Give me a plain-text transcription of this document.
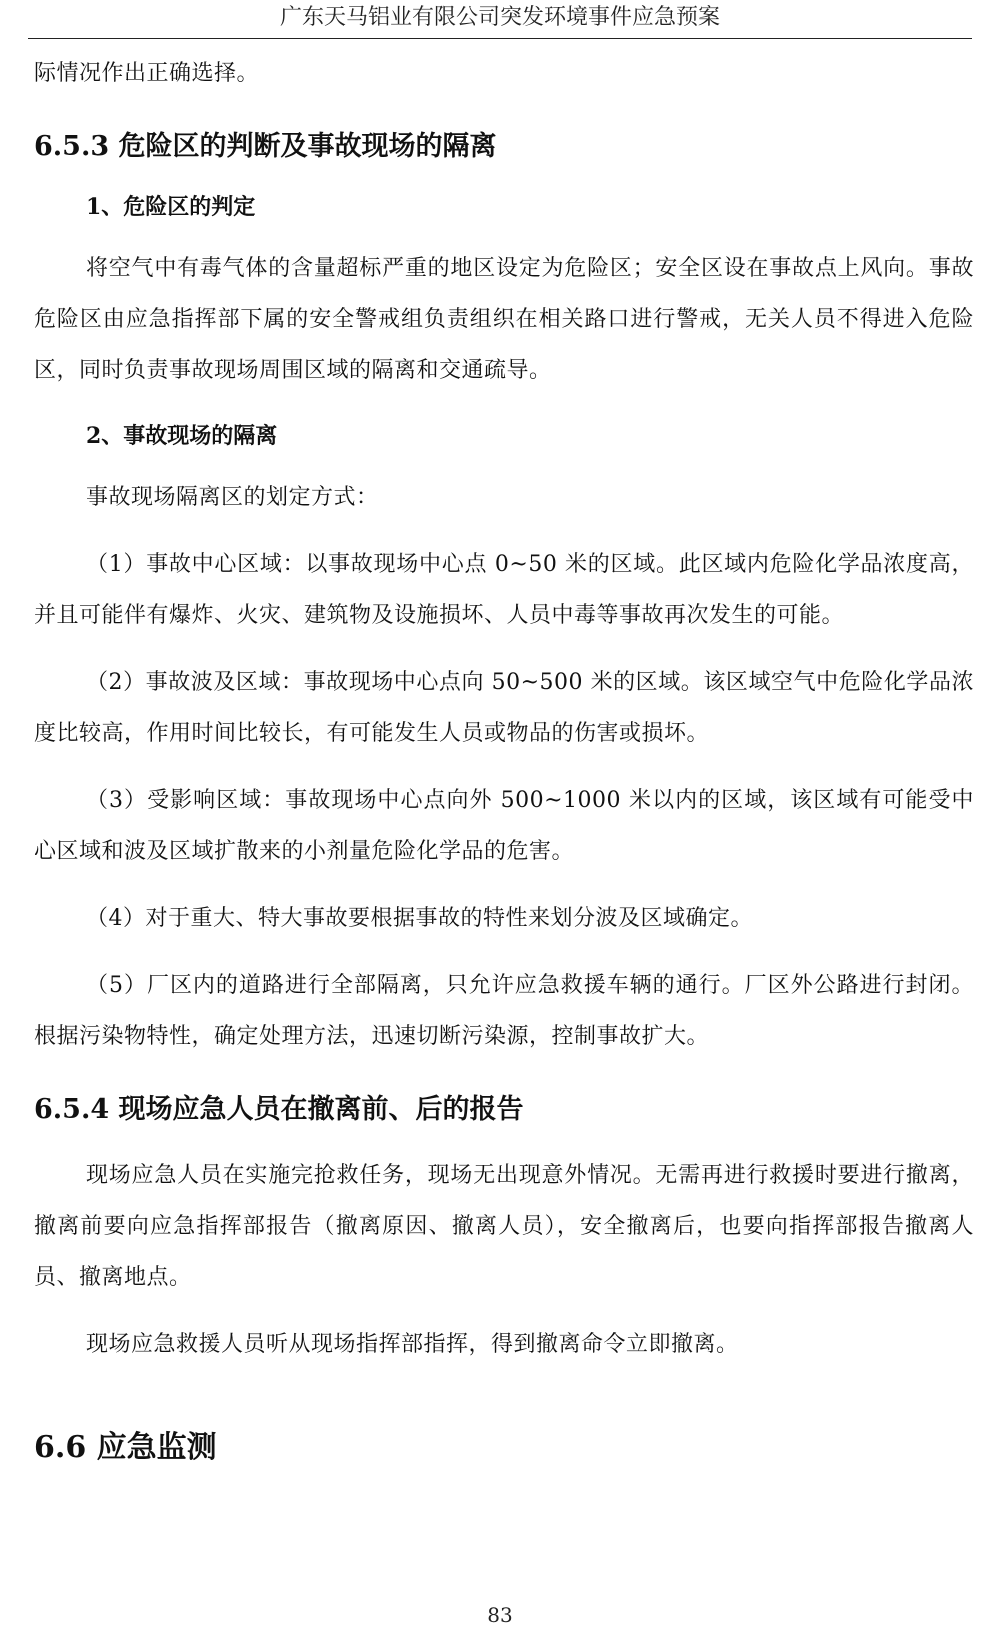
广东天马铝业有限公司突发环境事件应急预案

际情况作出正确选择。

6.5.3 危险区的判断及事故现场的隔离
1、危险区的判定

将空气中有毒气体的含量超标严重的地区设定为危险区；安全区设在事故点上风向。事故危险区由应急指挥部下属的安全警戒组负责组织在相关路口进行警戒，无关人员不得进入危险区，同时负责事故现场周围区域的隔离和交通疏导。

2、事故现场的隔离

事故现场隔离区的划定方式：

（1）事故中心区域：以事故现场中心点 0~50 米的区域。此区域内危险化学品浓度高，并且可能伴有爆炸、火灾、建筑物及设施损坏、人员中毒等事故再次发生的可能。

（2）事故波及区域：事故现场中心点向 50~500 米的区域。该区域空气中危险化学品浓度比较高，作用时间比较长，有可能发生人员或物品的伤害或损坏。

（3）受影响区域：事故现场中心点向外 500~1000 米以内的区域，该区域有可能受中心区域和波及区域扩散来的小剂量危险化学品的危害。

（4）对于重大、特大事故要根据事故的特性来划分波及区域确定。

（5）厂区内的道路进行全部隔离，只允许应急救援车辆的通行。厂区外公路进行封闭。根据污染物特性，确定处理方法，迅速切断污染源，控制事故扩大。

6.5.4 现场应急人员在撤离前、后的报告

现场应急人员在实施完抢救任务，现场无出现意外情况。无需再进行救援时要进行撤离，撤离前要向应急指挥部报告（撤离原因、撤离人员），安全撤离后，也要向指挥部报告撤离人员、撤离地点。

现场应急救援人员听从现场指挥部指挥，得到撤离命令立即撤离。

6.6 应急监测
83
